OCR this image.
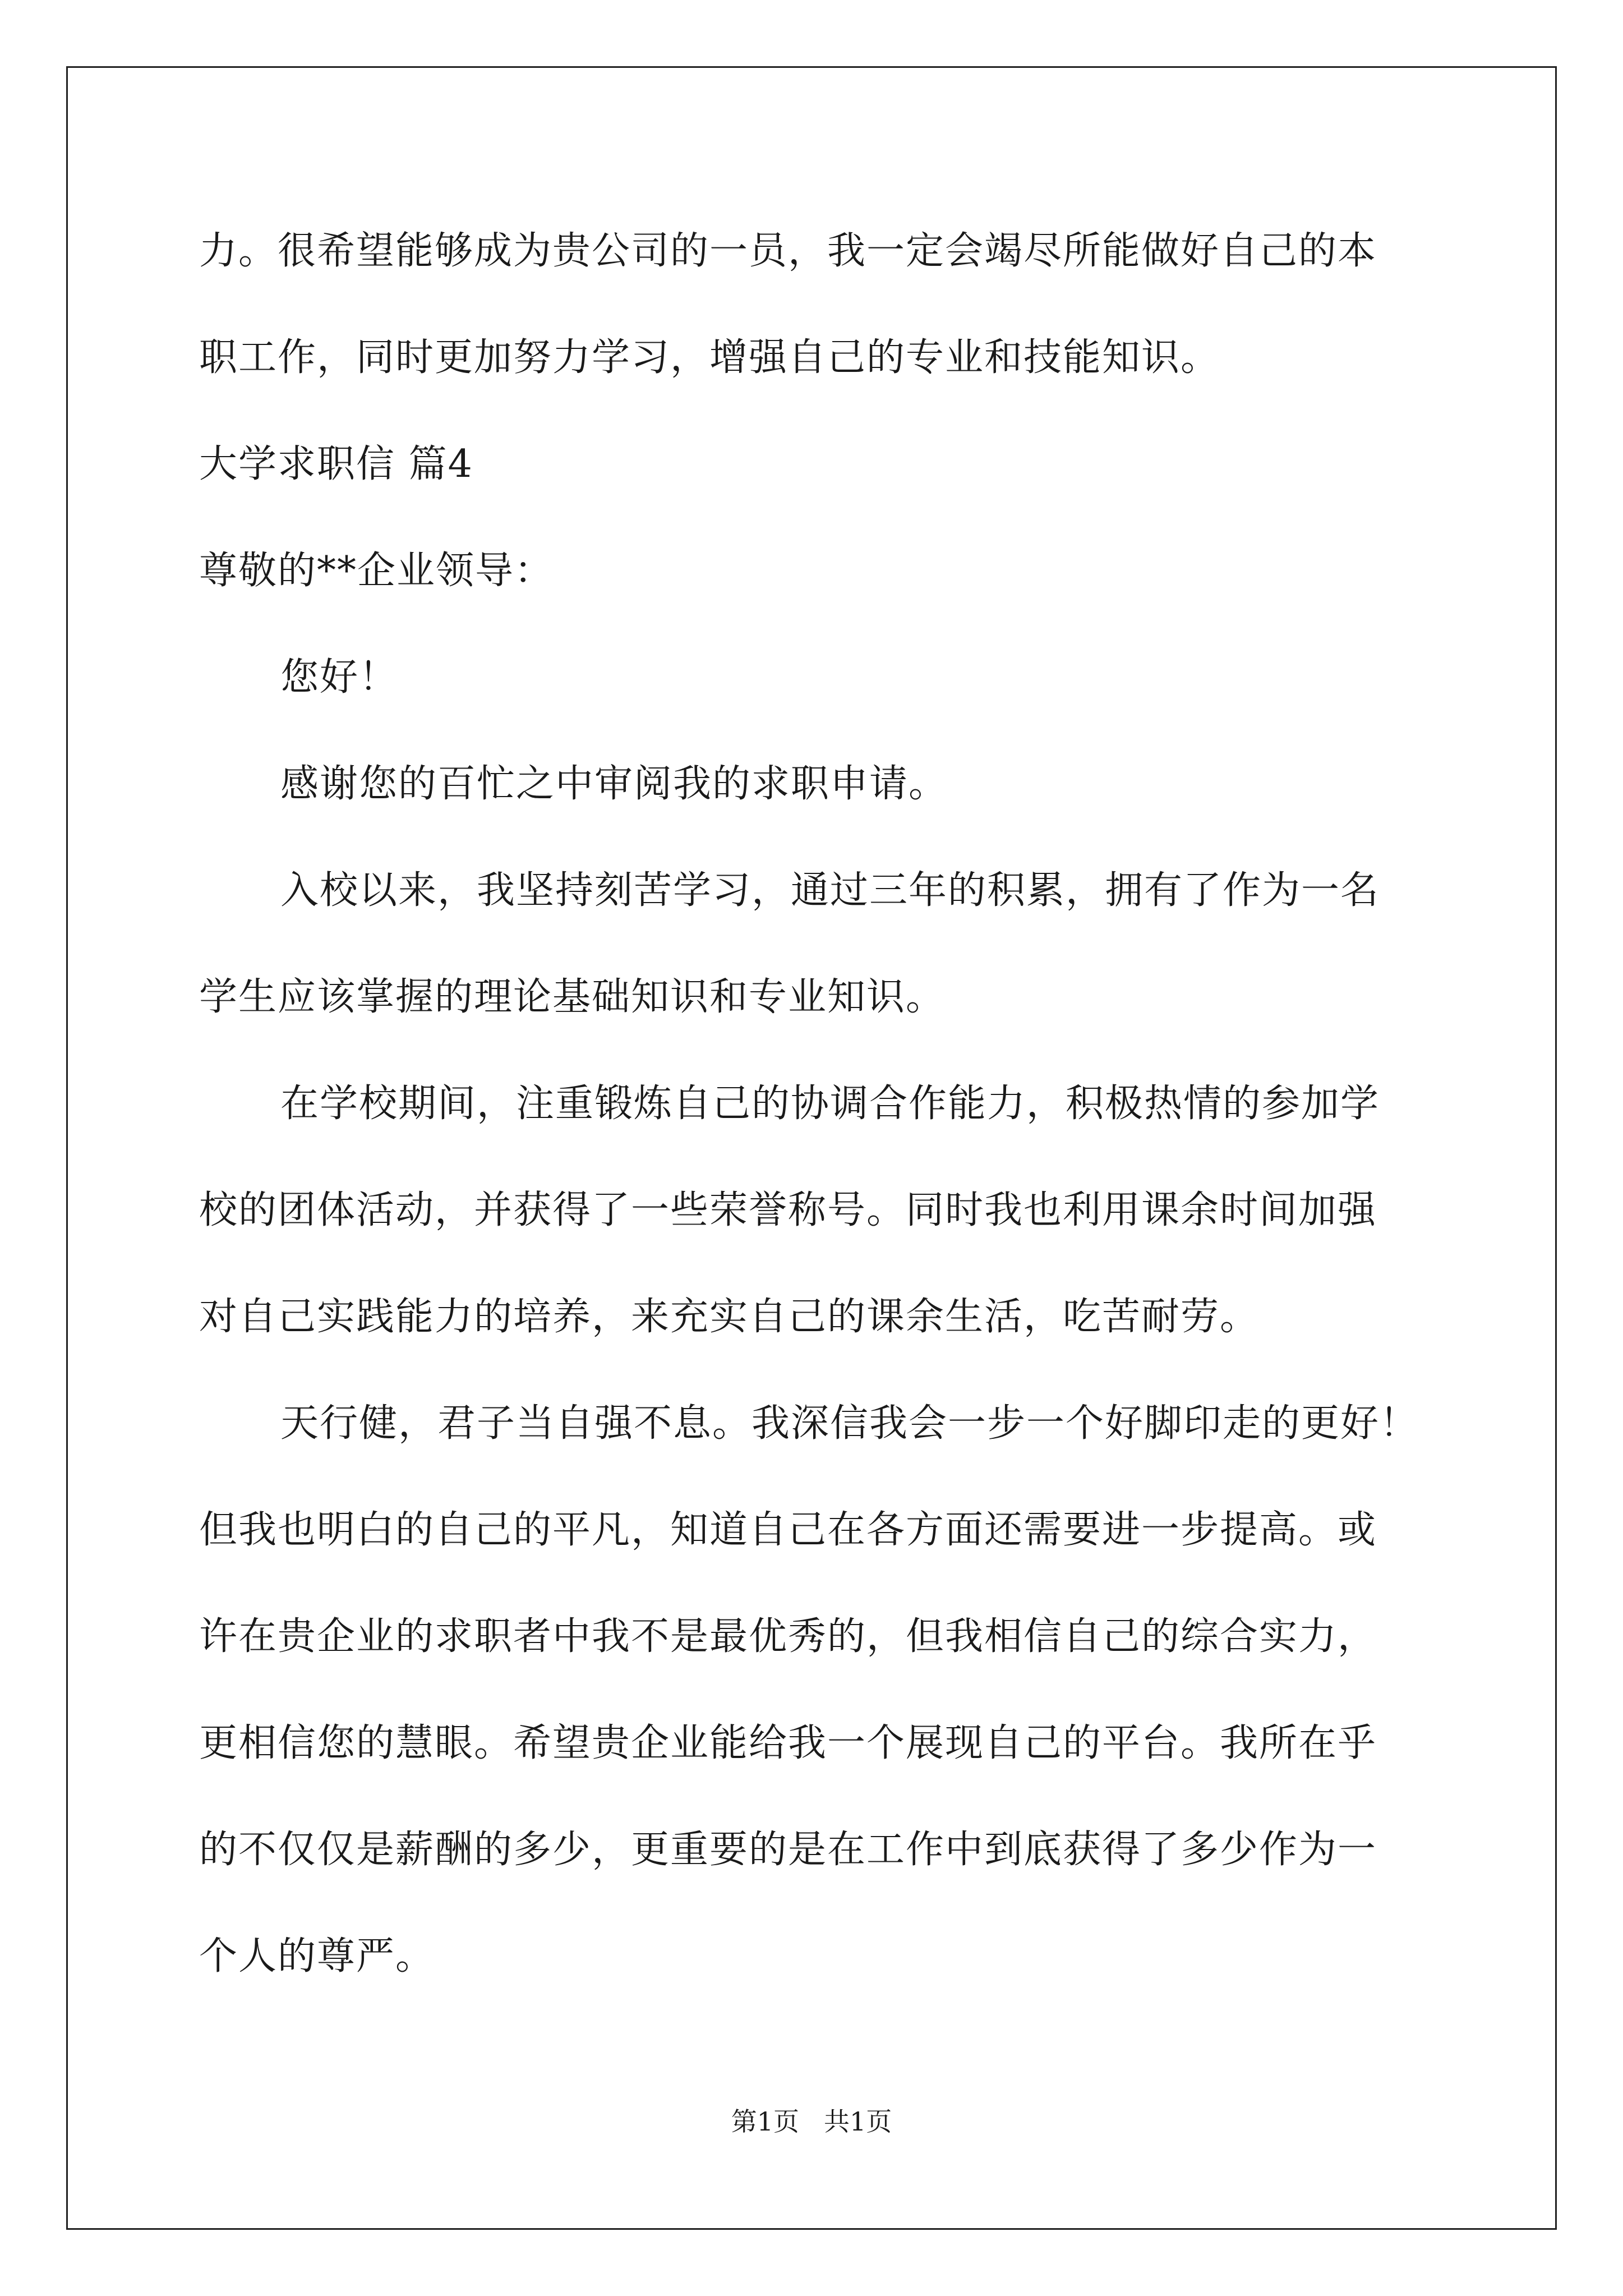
力。很希望能够成为贵公司的一员，我一定会竭尽所能做好自己的本
职工作，同时更加努力学习，增强自己的专业和技能知识。
大学求职信 篇4
尊敬的**企业领导：
您好！
感谢您的百忙之中审阅我的求职申请。
入校以来，我坚持刻苦学习，通过三年的积累，拥有了作为一名
学生应该掌握的理论基础知识和专业知识。
在学校期间，注重锻炼自己的协调合作能力，积极热情的参加学
校的团体活动，并获得了一些荣誉称号。同时我也利用课余时间加强
对自己实践能力的培养，来充实自己的课余生活，吃苦耐劳。
天行健，君子当自强不息。我深信我会一步一个好脚印走的更好！
但我也明白的自己的平凡，知道自己在各方面还需要进一步提高。或
许在贵企业的求职者中我不是最优秀的，但我相信自己的综合实力，
更相信您的慧眼。希望贵企业能给我一个展现自己的平台。我所在乎
的不仅仅是薪酬的多少，更重要的是在工作中到底获得了多少作为一
个人的尊严。
第1页 共1页
